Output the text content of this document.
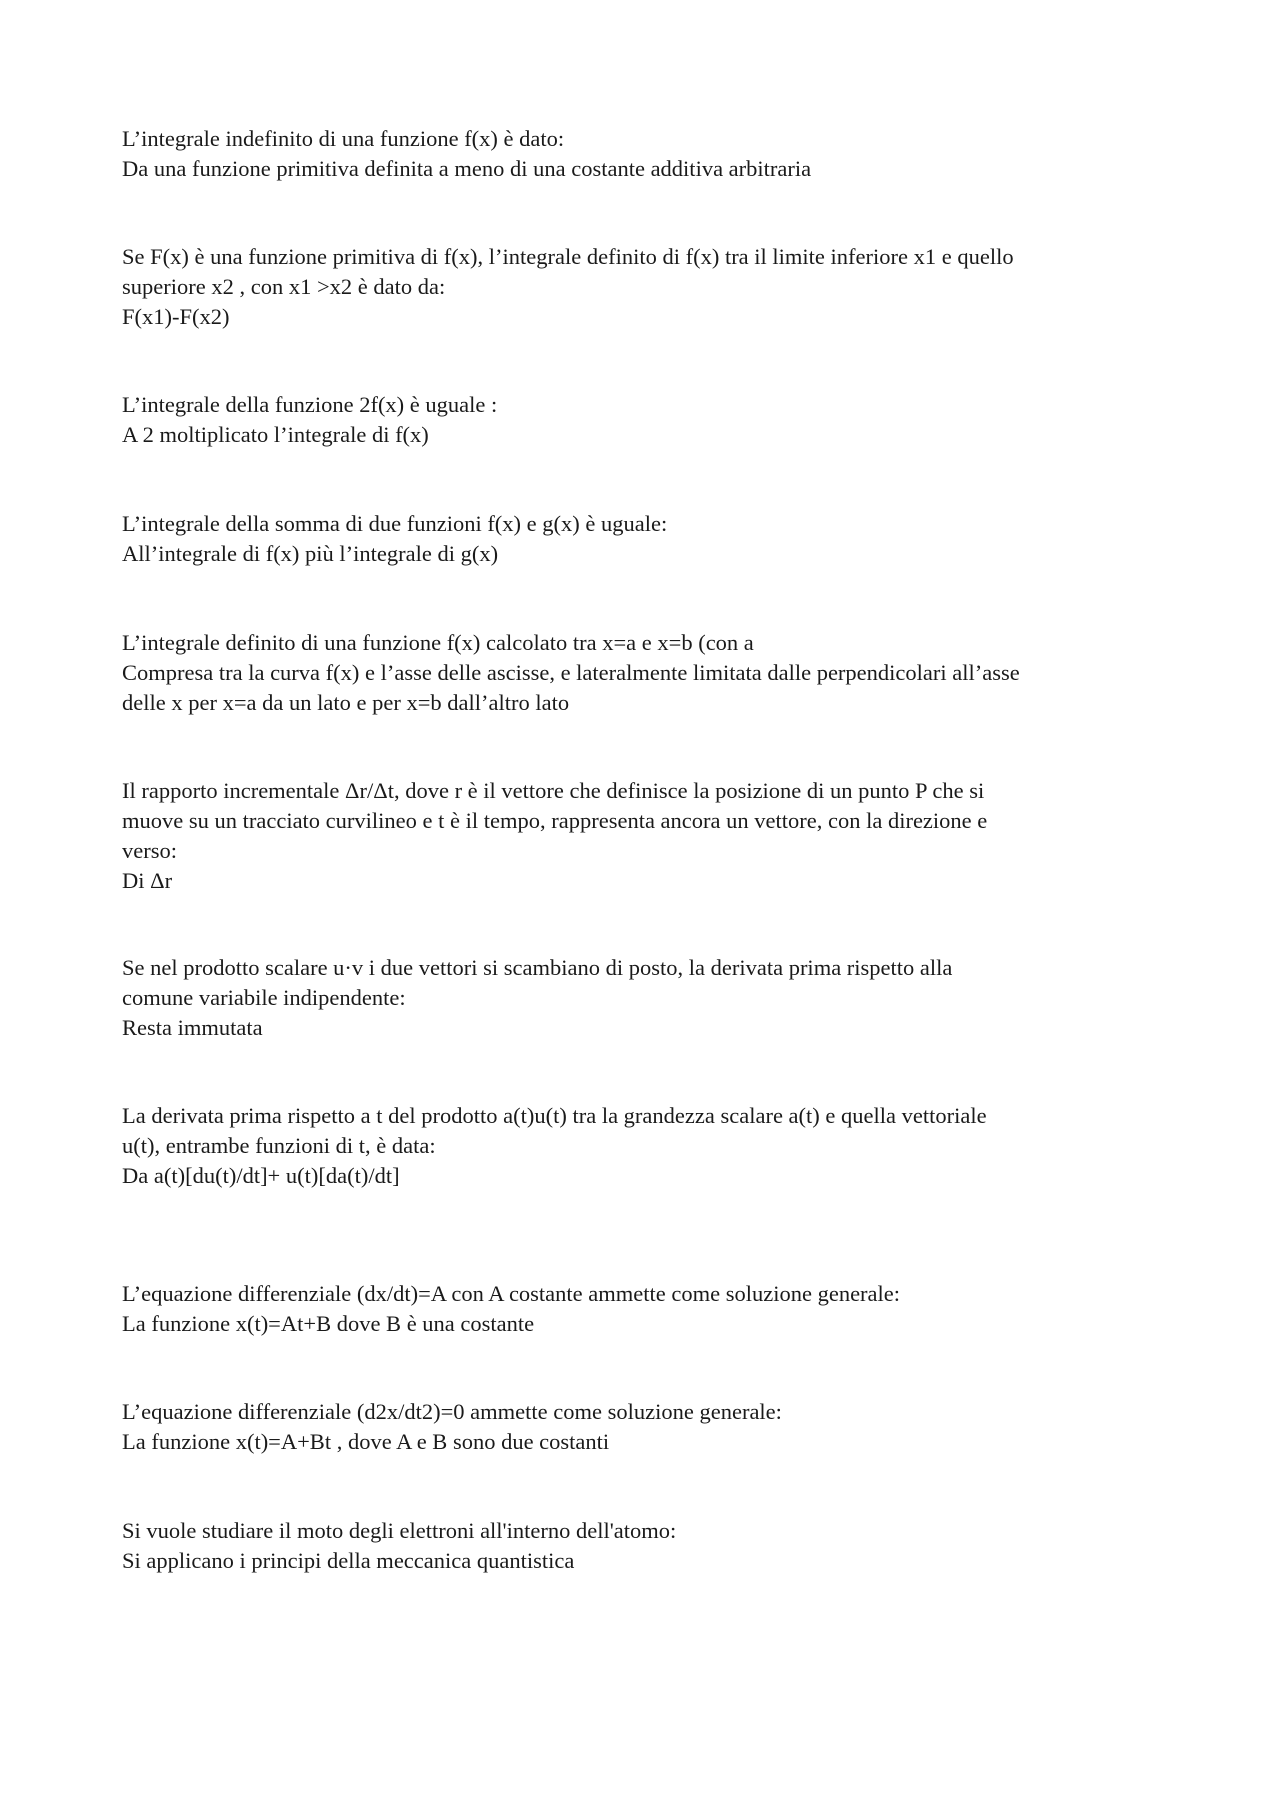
L’integrale indefinito di una funzione f(x) è dato:

Da una funzione primitiva definita a meno di una costante additiva arbitraria

Se F(x) è una funzione primitiva di f(x), l’integrale definito di f(x) tra il limite inferiore x1 e quello

superiore x2 , con x1 >x2 è dato da:

F(x1)-F(x2)

L’integrale della funzione 2f(x) è uguale :

A 2 moltiplicato l’integrale di f(x)

L’integrale della somma di due funzioni f(x) e g(x) è uguale:

All’integrale di f(x) più l’integrale di g(x)

L’integrale definito di una funzione f(x) calcolato tra x=a e x=b (con a

Compresa tra la curva f(x) e l’asse delle ascisse, e lateralmente limitata dalle perpendicolari all’asse

delle x per x=a da un lato e per x=b dall’altro lato

Il rapporto incrementale Δr/Δt, dove r è il vettore che definisce la posizione di un punto P che si

muove su un tracciato curvilineo e t è il tempo, rappresenta ancora un vettore, con la direzione e

verso:

Di Δr

Se nel prodotto scalare u·v i due vettori si scambiano di posto, la derivata prima rispetto alla

comune variabile indipendente:

Resta immutata

La derivata prima rispetto a t del prodotto a(t)u(t) tra la grandezza scalare a(t) e quella vettoriale

u(t), entrambe funzioni di t, è data:

Da a(t)[du(t)/dt]+ u(t)[da(t)/dt]

L’equazione differenziale (dx/dt)=A con A costante ammette come soluzione generale:

La funzione x(t)=At+B dove B è una costante

L’equazione differenziale (d2x/dt2)=0 ammette come soluzione generale:

La funzione x(t)=A+Bt , dove A e B sono due costanti

Si vuole studiare il moto degli elettroni all'interno dell'atomo:

Si applicano i principi della meccanica quantistica
